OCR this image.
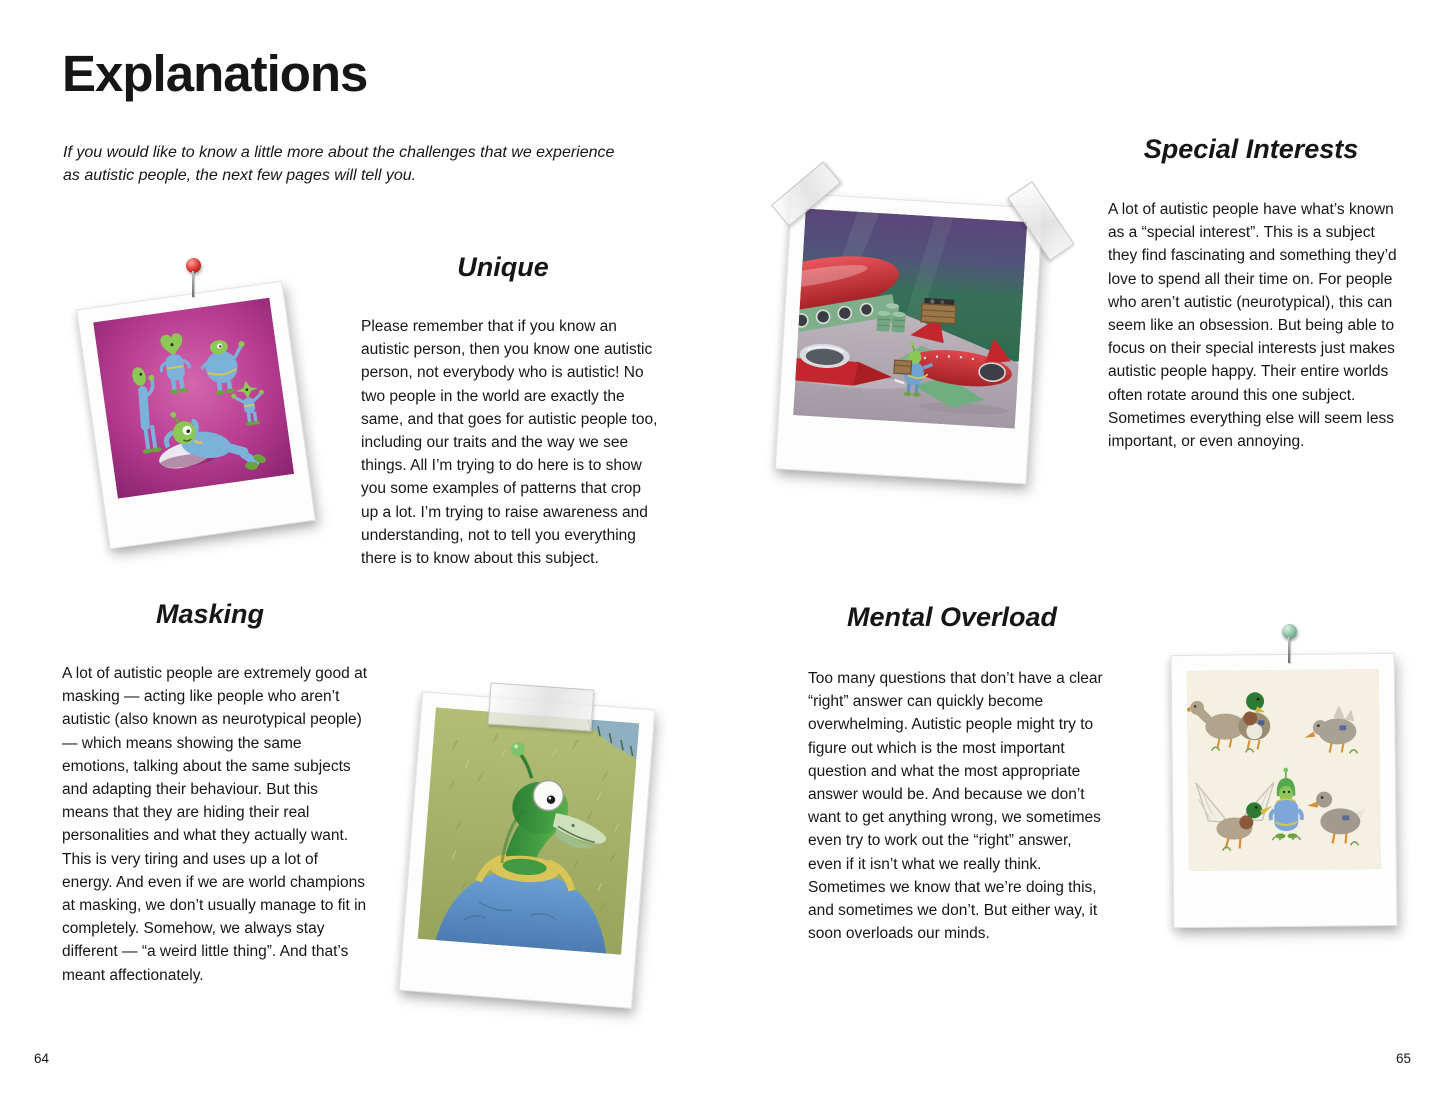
Explanations

If you would like to know a little more about the challenges that we experience as autistic people, the next few pages will tell you.

Unique

Please remember that if you know an autistic person, then you know one autistic person, not everybody who is autistic! No two people in the world are exactly the same, and that goes for autistic people too, including our traits and the way we see things. All I’m trying to do here is to show you some examples of patterns that crop up a lot. I’m trying to raise awareness and understanding, not to tell you everything there is to know about this subject.

Masking

A lot of autistic people are extremely good at masking — acting like people who aren’t autistic (also known as neurotypical people) — which means showing the same emotions, talking about the same subjects and adapting their behaviour. But this means that they are hiding their real personalities and what they actually want. This is very tiring and uses up a lot of energy. And even if we are world champions at masking, we don’t usually manage to fit in completely. Somehow, we always stay different — “a weird little thing”. And that’s meant affectionately.

64
Special Interests

A lot of autistic people have what’s known as a “special interest”. This is a subject they find fascinating and something they’d love to spend all their time on. For people who aren’t autistic (neurotypical), this can seem like an obsession. But being able to focus on their special interests just makes autistic people happy. Their entire worlds often rotate around this one subject. Sometimes everything else will seem less important, or even annoying.

Mental Overload

Too many questions that don’t have a clear “right” answer can quickly become overwhelming. Autistic people might try to figure out which is the most important question and what the most appropriate answer would be. And because we don’t want to get anything wrong, we sometimes even try to work out the “right” answer, even if it isn’t what we really think. Sometimes we know that we’re doing this, and sometimes we don’t. But either way, it soon overloads our minds.

65
